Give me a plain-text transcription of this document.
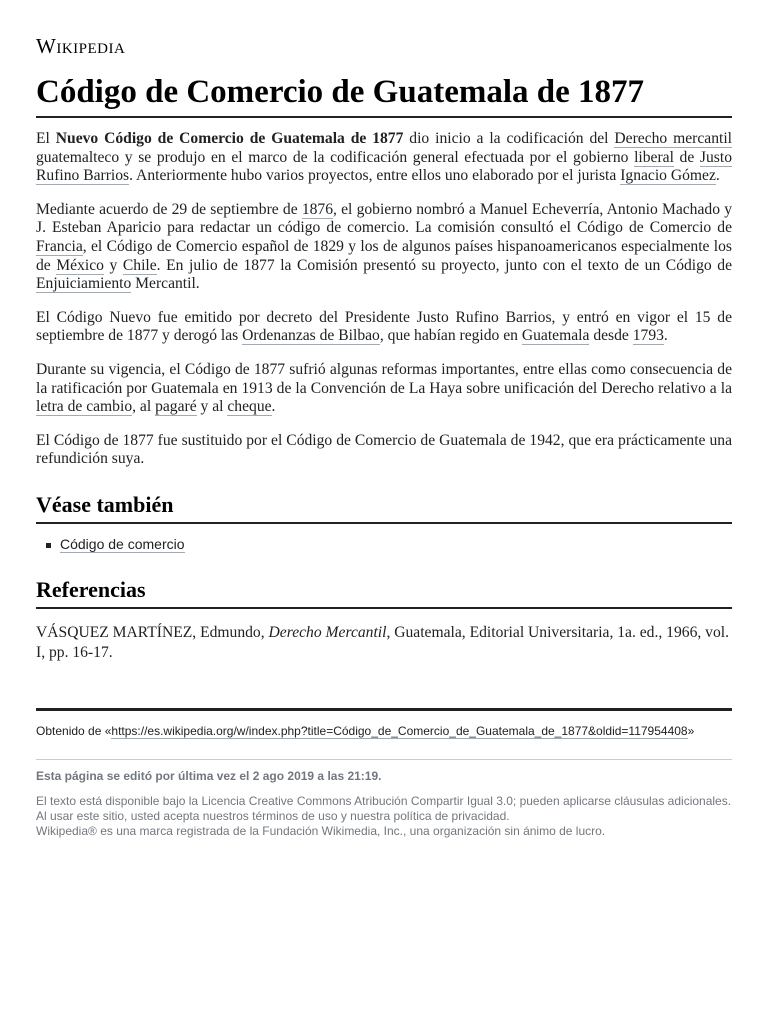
Wikipedia
Código de Comercio de Guatemala de 1877

El Nuevo Código de Comercio de Guatemala de 1877 dio inicio a la codificación del Derecho mercantil guatemalteco y se produjo en el marco de la codificación general efectuada por el gobierno liberal de Justo Rufino Barrios. Anteriormente hubo varios proyectos, entre ellos uno elaborado por el jurista Ignacio Gómez.

Mediante acuerdo de 29 de septiembre de 1876, el gobierno nombró a Manuel Echeverría, Antonio Machado y J. Esteban Aparicio para redactar un código de comercio. La comisión consultó el Código de Comercio de Francia, el Código de Comercio español de 1829 y los de algunos países hispanoamericanos especialmente los de México y Chile. En julio de 1877 la Comisión presentó su proyecto, junto con el texto de un Código de Enjuiciamiento Mercantil.

El Código Nuevo fue emitido por decreto del Presidente Justo Rufino Barrios, y entró en vigor el 15 de septiembre de 1877 y derogó las Ordenanzas de Bilbao, que habían regido en Guatemala desde 1793.

Durante su vigencia, el Código de 1877 sufrió algunas reformas importantes, entre ellas como consecuencia de la ratificación por Guatemala en 1913 de la Convención de La Haya sobre unificación del Derecho relativo a la letra de cambio, al pagaré y al cheque.

El Código de 1877 fue sustituido por el Código de Comercio de Guatemala de 1942, que era prácticamente una refundición suya.

Véase también
Código de comercio
Referencias
VÁSQUEZ MARTÍNEZ, Edmundo, Derecho Mercantil, Guatemala, Editorial Universitaria, 1a. ed., 1966, vol. I, pp. 16-17.
Obtenido de «https://es.wikipedia.org/w/index.php?title=Código_de_Comercio_de_Guatemala_de_1877&oldid=117954408»
Esta página se editó por última vez el 2 ago 2019 a las 21:19.
El texto está disponible bajo la Licencia Creative Commons Atribución Compartir Igual 3.0; pueden aplicarse cláusulas adicionales. Al usar este sitio, usted acepta nuestros términos de uso y nuestra política de privacidad.
Wikipedia® es una marca registrada de la Fundación Wikimedia, Inc., una organización sin ánimo de lucro.
